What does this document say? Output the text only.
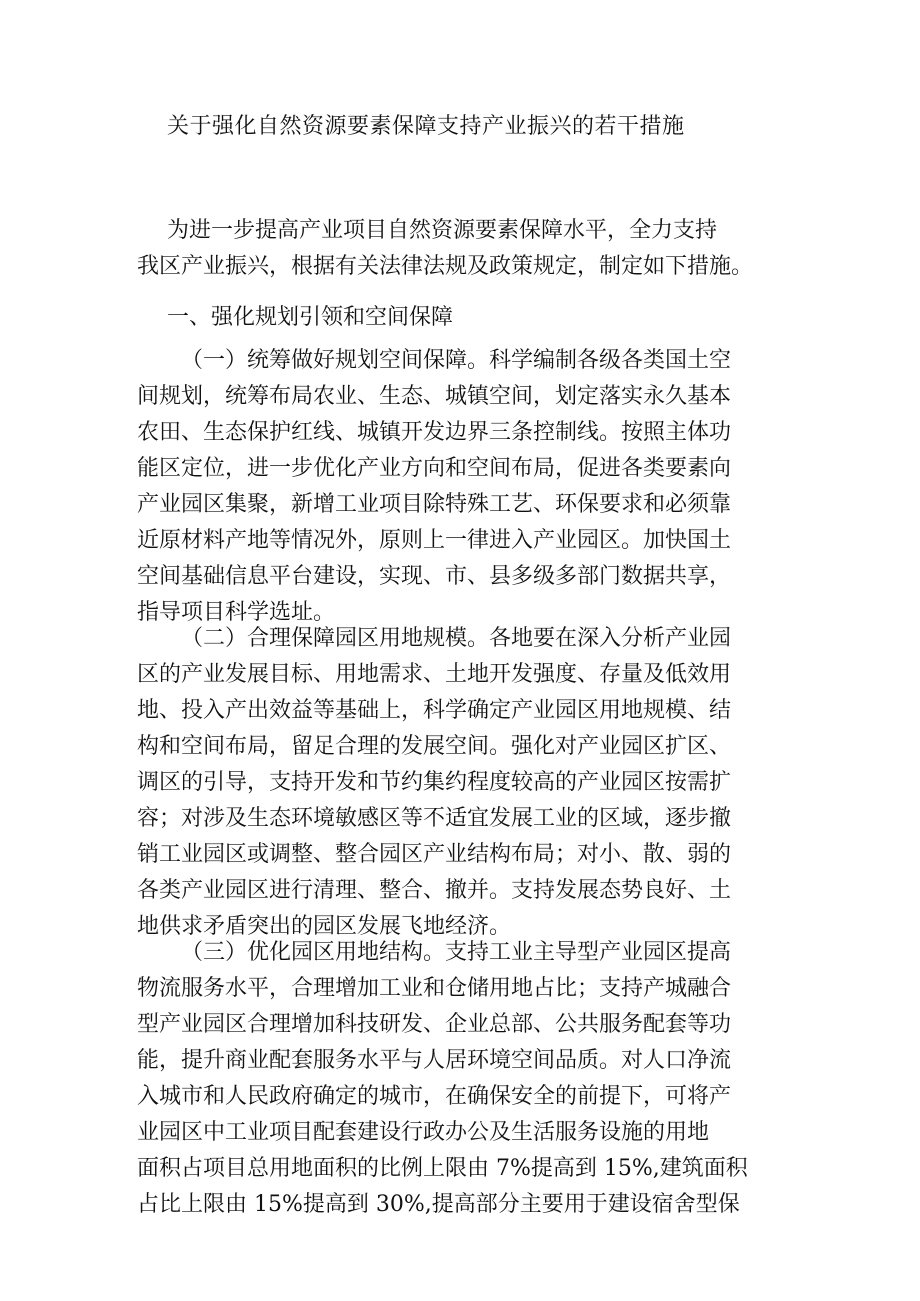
关于强化自然资源要素保障支持产业振兴的若干措施
为进一步提高产业项目自然资源要素保障水平，全力支持
我区产业振兴，根据有关法律法规及政策规定，制定如下措施。
一、强化规划引领和空间保障
（一）统筹做好规划空间保障。科学编制各级各类国土空
间规划，统筹布局农业、生态、城镇空间，划定落实永久基本
农田、生态保护红线、城镇开发边界三条控制线。按照主体功
能区定位，进一步优化产业方向和空间布局，促进各类要素向
产业园区集聚，新增工业项目除特殊工艺、环保要求和必须靠
近原材料产地等情况外，原则上一律进入产业园区。加快国土
空间基础信息平台建设，实现、市、县多级多部门数据共享，
指导项目科学选址。
（二）合理保障园区用地规模。各地要在深入分析产业园
区的产业发展目标、用地需求、土地开发强度、存量及低效用
地、投入产出效益等基础上，科学确定产业园区用地规模、结
构和空间布局，留足合理的发展空间。强化对产业园区扩区、
调区的引导，支持开发和节约集约程度较高的产业园区按需扩
容；对涉及生态环境敏感区等不适宜发展工业的区域，逐步撤
销工业园区或调整、整合园区产业结构布局；对小、散、弱的
各类产业园区进行清理、整合、撤并。支持发展态势良好、土
地供求矛盾突出的园区发展飞地经济。
（三）优化园区用地结构。支持工业主导型产业园区提高
物流服务水平，合理增加工业和仓储用地占比；支持产城融合
型产业园区合理增加科技研发、企业总部、公共服务配套等功
能，提升商业配套服务水平与人居环境空间品质。对人口净流
入城市和人民政府确定的城市，在确保安全的前提下，可将产
业园区中工业项目配套建设行政办公及生活服务设施的用地
面积占项目总用地面积的比例上限由 7%提高到 15%,建筑面积
占比上限由 15%提高到 30%,提高部分主要用于建设宿舍型保
